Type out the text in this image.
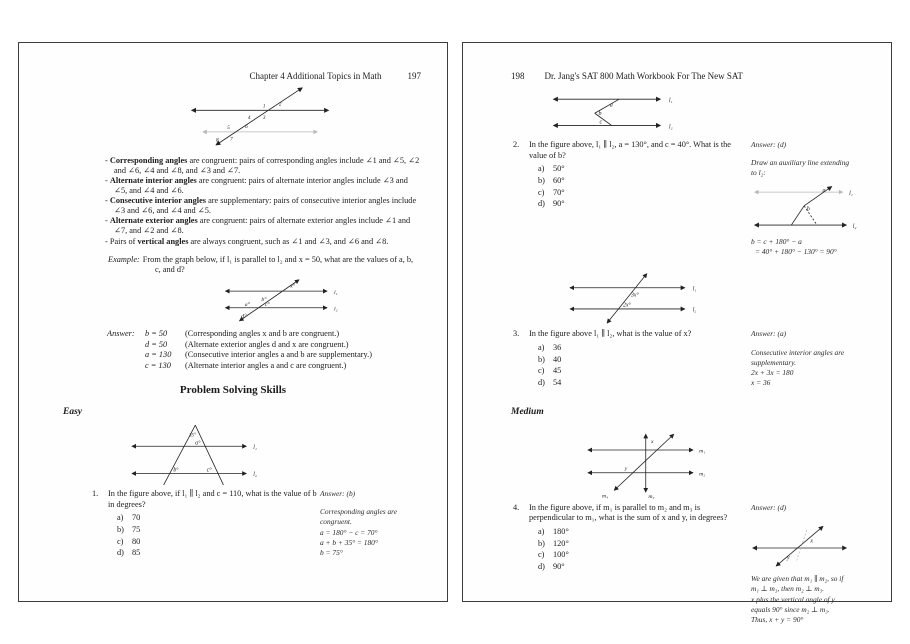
Chapter 4 Additional Topics in Math	197
1 2
4 3
5	6
8 7
- Corresponding angles are congruent: pairs of corresponding angles include ∠1 and ∠5, ∠2 and ∠6, ∠4 and ∠8, and ∠3 and ∠7.
- Alternate interior angles are congruent: pairs of alternate interior angles include ∠3 and ∠5, and ∠4 and ∠6.
- Consecutive interior angles are supplementary: pairs of consecutive interior angles include ∠3 and ∠6, and ∠4 and ∠5.
- Alternate exterior angles are congruent: pairs of alternate exterior angles include ∠1 and ∠7, and ∠2 and ∠8.
- Pairs of vertical angles are always congruent, such as ∠1 and ∠3, and ∠6 and ∠8.
Example: From the graph below, if l₁ is parallel to l₂ and x = 50, what are the values of a, b, c, and d?
l₁
l₂
x°
b°
a° c°
d°
Answer:	b = 50	(Corresponding angles x and b are congruent.)
d = 50	(Alternate exterior angles d and x are congruent.)
a = 130	(Consecutive interior angles a and b are supplementary.)
c = 130	(Alternate interior angles a and c are congruent.)
Problem Solving Skills
Easy
l₁
l₂
35°
a°
b°	c°
1.	In the figure above, if l₁ ∥ l₂ and c = 110, what is the value of b in degrees?
a)	70
b) 75
c)	80
d) 85
Answer: (b)
Corresponding angles are
congruent.
a = 180° − c = 70°
a + b + 35° = 180°
b = 75°
198 Dr. Jang's SAT 800 Math Workbook For The New SAT
l₁
l₂
a
b
c
2.	In the figure above, l₁ ∥ l₂, a = 130°, and c = 40°. What is the value of b?
a)	50°
b) 60°
c)	70°
d) 90°
Answer: (d)
Draw an auxiliary line extending
to l₂:
l₁
l₂
a
b
b = c + 180° − a
= 40° + 180° − 130° = 90°
l₁
l₂
3x°
2x°
3.	In the figure above l₁ ∥ l₂, what is the value of x?
a)	36
b) 40
c)	45
d) 54
Answer: (a)
Consecutive interior angles are
supplementary.
2x + 3x = 180
x = 36
Medium
m₁
m₂
m₃
m₄
x
y
4.	In the figure above, if m₁ is parallel to m₂ and m₃ is perpendicular to m₁, what is the sum of x and y, in degrees?
a)	180°
b) 120°
c)	100°
d) 90°
Answer: (d)
x
y
We are given that m₁ ∥ m₂, so if
m₁ ⊥ m₃, then m₂ ⊥ m₃.
x plus the vertical angle of y
equals 90° since m₂ ⊥ m₃.
Thus, x + y = 90°
